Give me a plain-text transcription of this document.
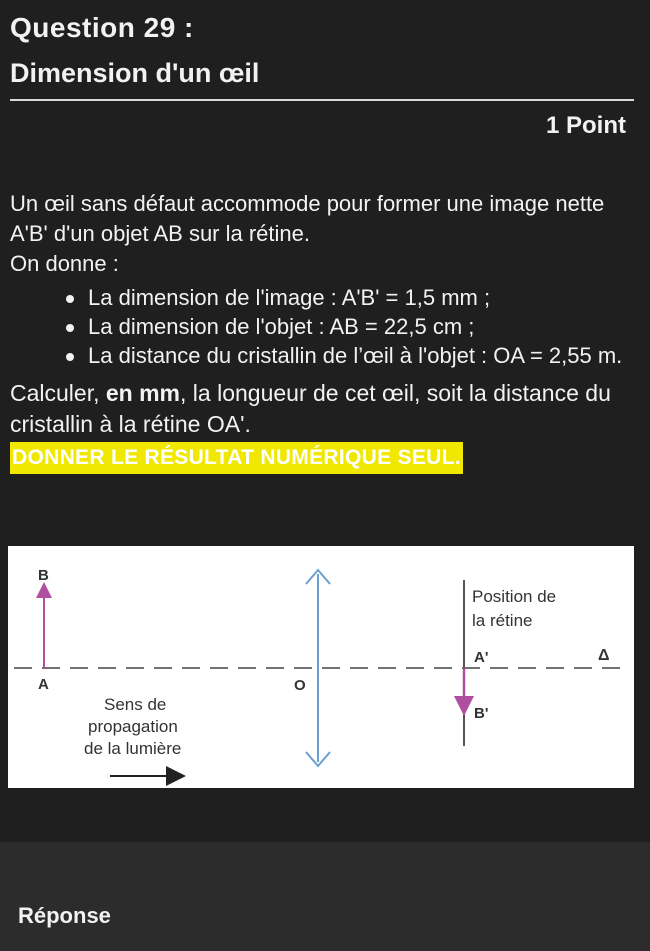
Question 29 :
Dimension d'un œil
1 Point

Un œil sans défaut accommode pour former une image nette A'B' d'un objet AB sur la rétine.

On donne :

La dimension de l'image : A'B' = 1,5 mm ;
La dimension de l'objet : AB = 22,5 cm ;
La distance du cristallin de l’œil à l'objet : OA = 2,55 m.
Calculer, en mm, la longueur de cet œil, soit la distance du cristallin à la rétine OA'.
DONNER LE RÉSULTAT NUMÉRIQUE SEUL.
B
A	O
Position de
la rétine
A'
B'
Δ
Sens de
propagation
de la lumière
Réponse
